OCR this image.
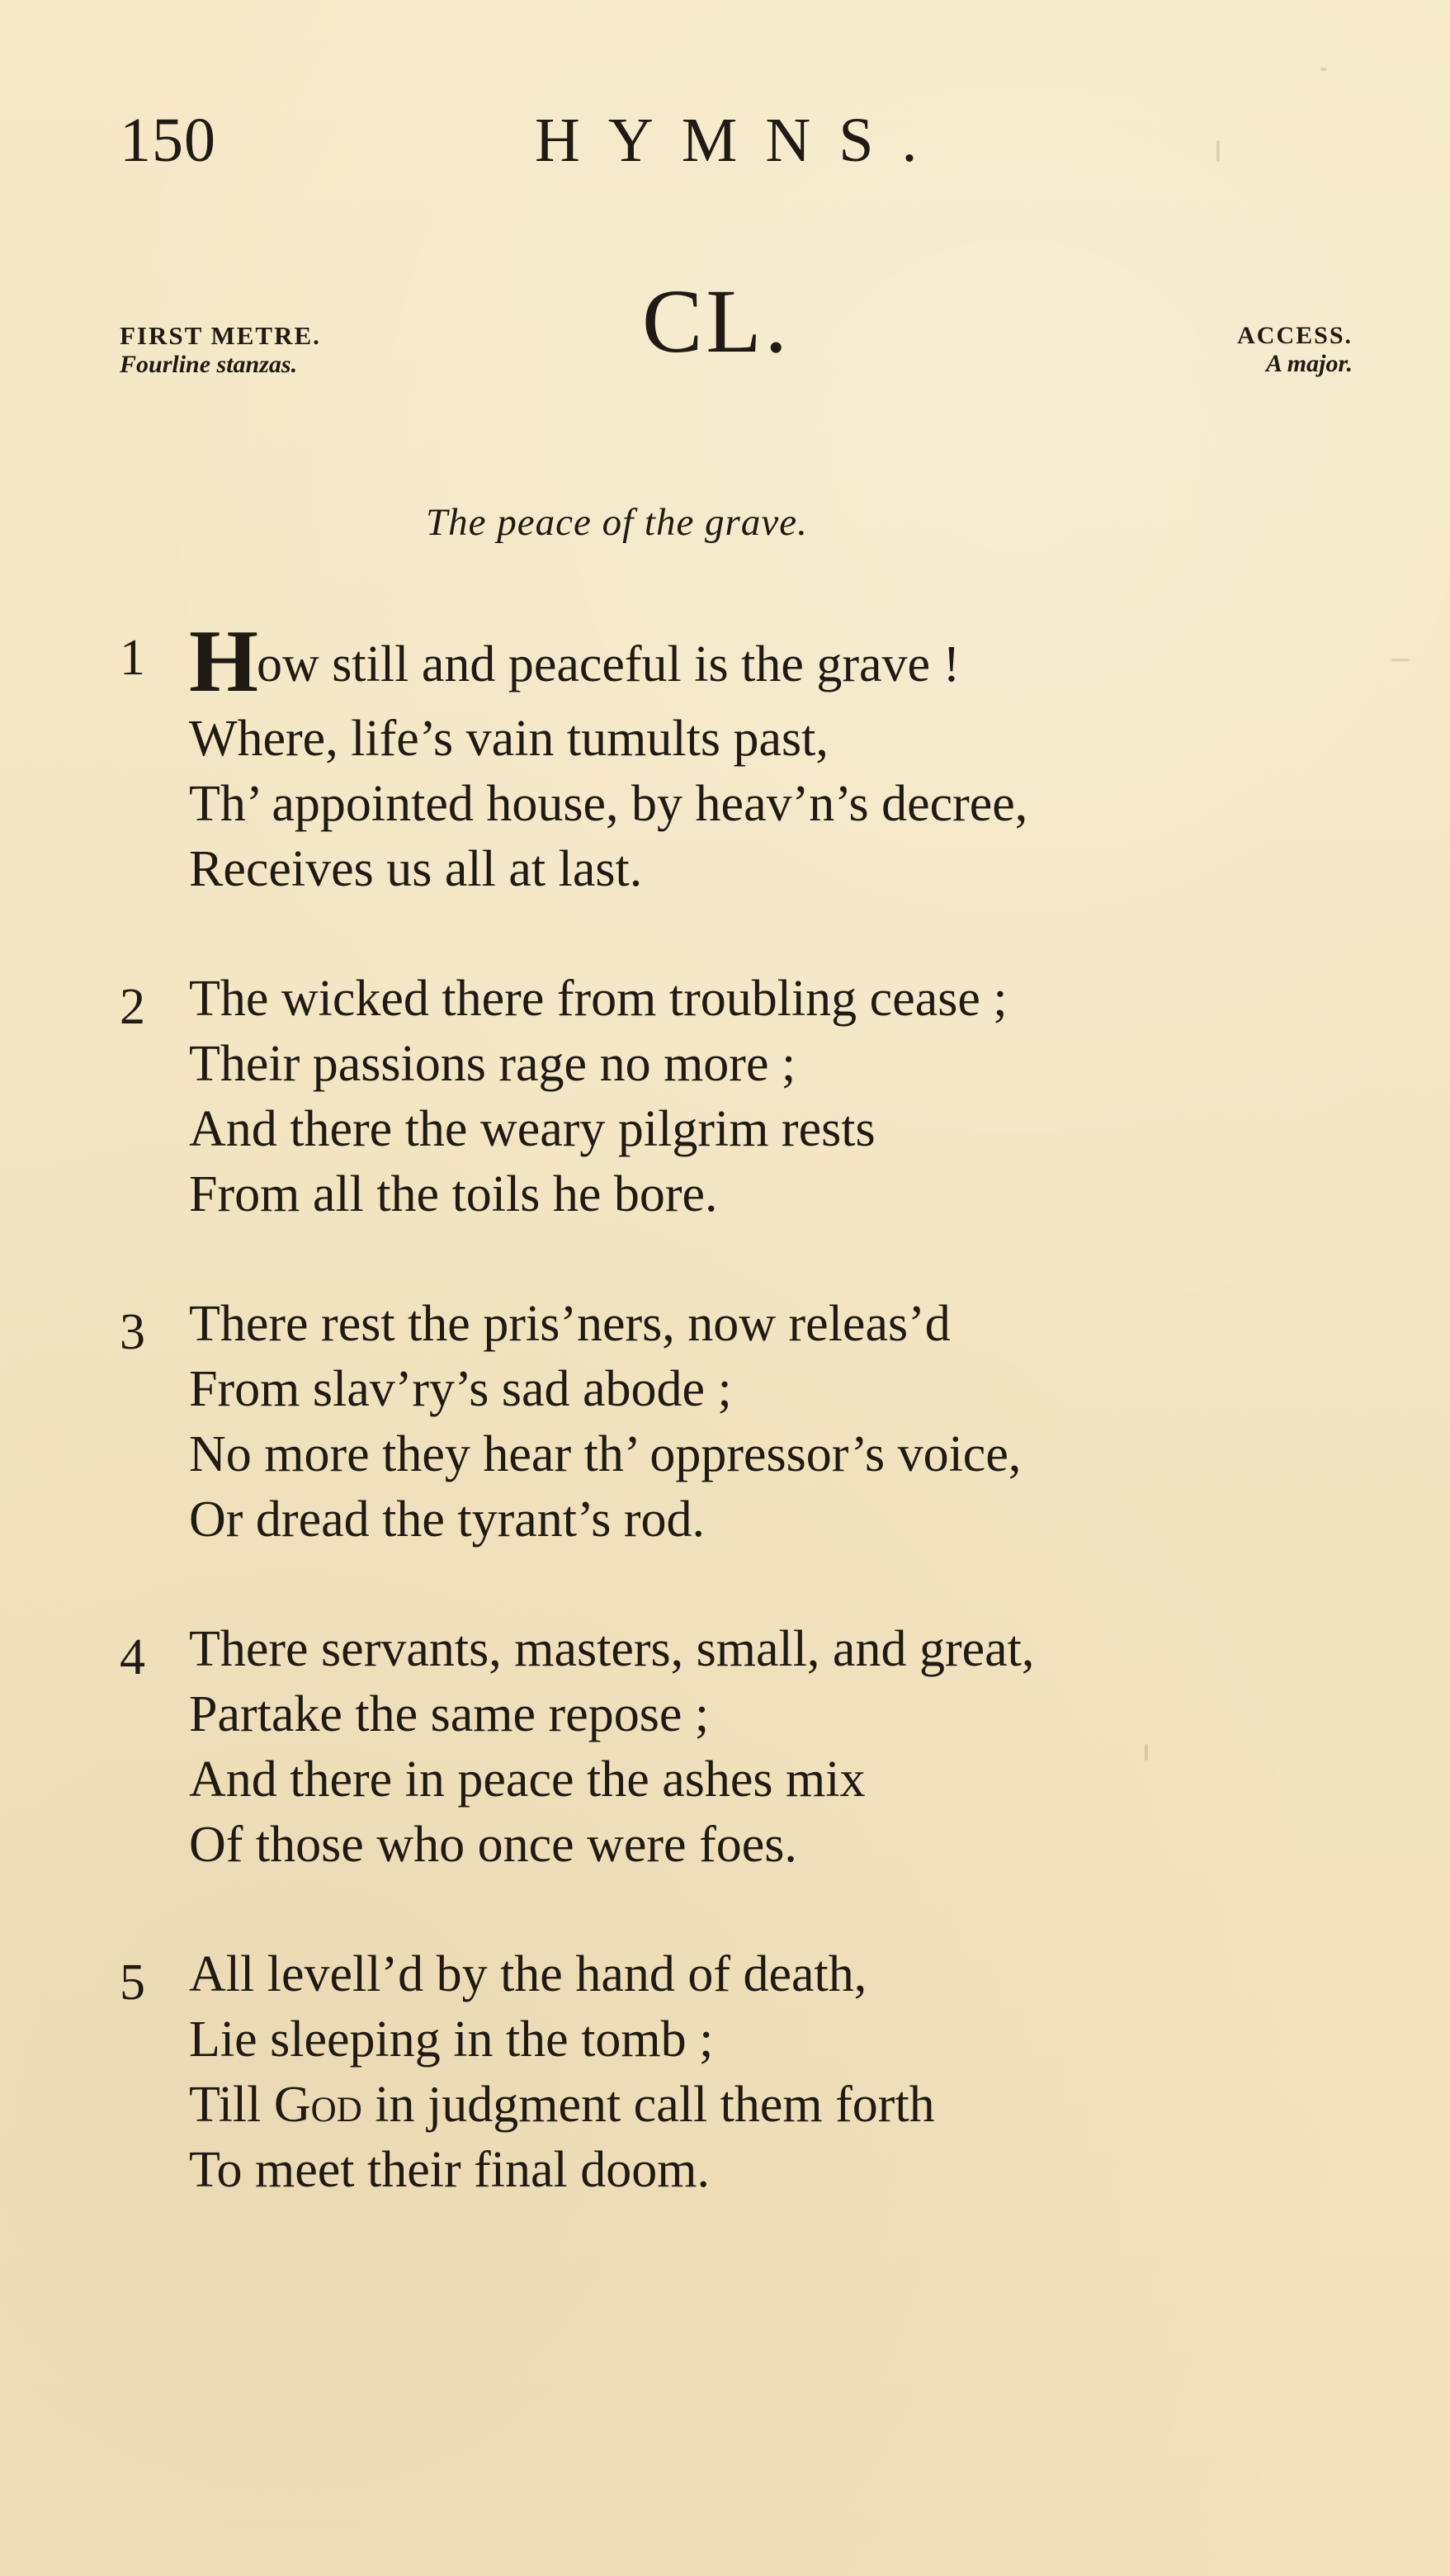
150	HYMNS.
FIRST METRE.
Fourline stanzas.	CL.	ACCESS.
A major.
The peace of the grave.
1 How still and peaceful is the grave !
Where, life’s vain tumults past,
Th’ appointed house, by heav’n’s decree,
Receives us all at last.
2 The wicked there from troubling cease ;
Their passions rage no more ;
And there the weary pilgrim rests
From all the toils he bore.
3 There rest the pris’ners, now releas’d
From slav’ry’s sad abode ;
No more they hear th’ oppressor’s voice,
Or dread the tyrant’s rod.
4 There servants, masters, small, and great,
Partake the same repose ;
And there in peace the ashes mix
Of those who once were foes.
5 All levell’d by the hand of death,
Lie sleeping in the tomb ;
Till God in judgment call them forth
To meet their final doom.
